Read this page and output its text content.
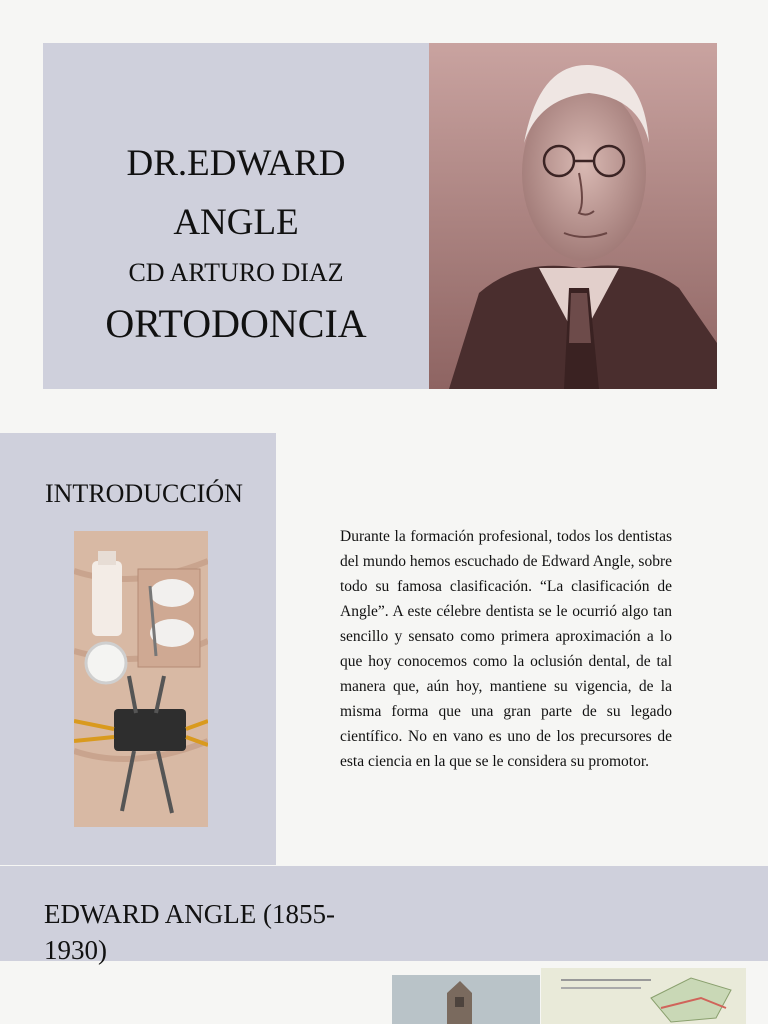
DR.EDWARD
ANGLE
CD ARTURO DIAZ
ORTODONCIA
INTRODUCCIÓN
Durante la formación profesional, todos los dentistas del mundo hemos escuchado de Edward Angle, sobre todo su famosa clasificación. “La clasificación de Angle”. A este célebre dentista se le ocurrió algo tan sencillo y sensato como primera aproximación a lo que hoy conocemos como la oclusión dental, de tal manera que, aún hoy, mantiene su vigencia, de la misma forma que una gran parte de su legado científico. No en vano es uno de los precursores de esta ciencia en la que se le considera su promotor.
EDWARD ANGLE (1855-1930)
